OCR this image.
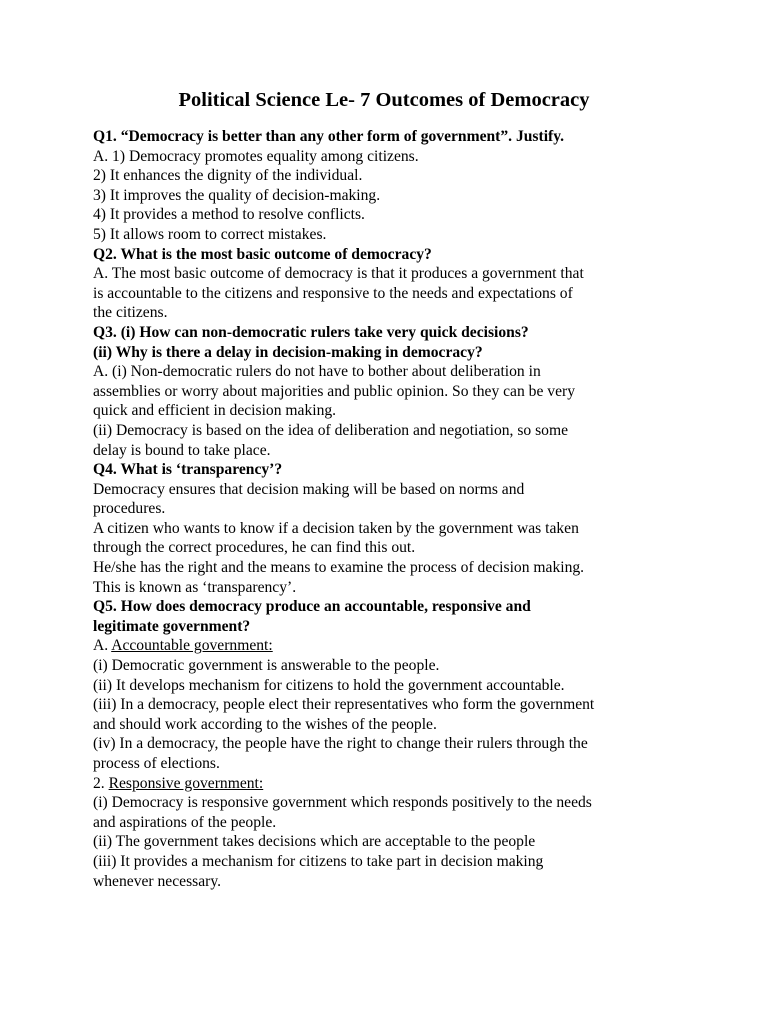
Political Science Le- 7 Outcomes of Democracy
Q1. “Democracy is better than any other form of government”. Justify.
A. 1) Democracy promotes equality among citizens.
2) It enhances the dignity of the individual.
3) It improves the quality of decision-making.
4) It provides a method to resolve conflicts.
5) It allows room to correct mistakes.
Q2. What is the most basic outcome of democracy?
A. The most basic outcome of democracy is that it produces a government that
is accountable to the citizens and responsive to the needs and expectations of
the citizens.
Q3. (i) How can non-democratic rulers take very quick decisions?
(ii) Why is there a delay in decision-making in democracy?
A. (i) Non-democratic rulers do not have to bother about deliberation in
assemblies or worry about majorities and public opinion. So they can be very
quick and efficient in decision making.
(ii) Democracy is based on the idea of deliberation and negotiation, so some
delay is bound to take place.
Q4. What is ‘transparency’?
Democracy ensures that decision making will be based on norms and
procedures.
A citizen who wants to know if a decision taken by the government was taken
through the correct procedures, he can find this out.
He/she has the right and the means to examine the process of decision making.
This is known as ‘transparency’.
Q5. How does democracy produce an accountable, responsive and
legitimate government?
A. Accountable government:
(i) Democratic government is answerable to the people.
(ii) It develops mechanism for citizens to hold the government accountable.
(iii) In a democracy, people elect their representatives who form the government
and should work according to the wishes of the people.
(iv) In a democracy, the people have the right to change their rulers through the
process of elections.
2. Responsive government:
(i) Democracy is responsive government which responds positively to the needs
and aspirations of the people.
(ii) The government takes decisions which are acceptable to the people
(iii) It provides a mechanism for citizens to take part in decision making
whenever necessary.
